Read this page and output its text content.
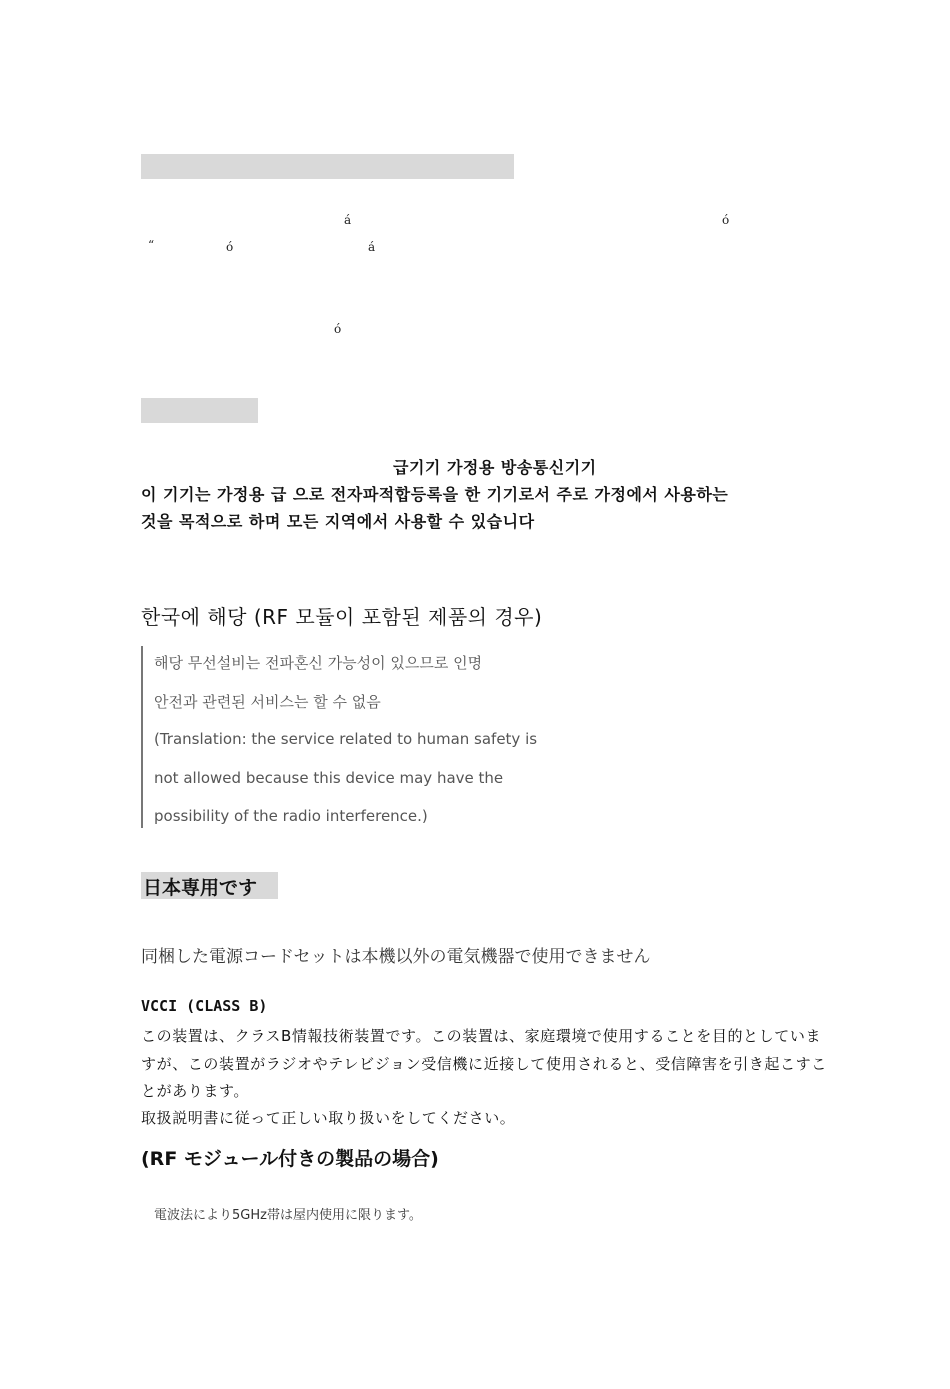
á	ó
“	ó	á
ó
급기기 가정용 방송통신기기
이 기기는 가정용 급 으로 전자파적합등록을 한 기기로서 주로 가정에서 사용하는
것을 목적으로 하며 모든 지역에서 사용할 수 있습니다
한국에 해당 (RF 모듈이 포함된 제품의 경우)
해당 무선설비는 전파혼신 가능성이 있으므로 인명
안전과 관련된 서비스는 할 수 없음
(Translation: the service related to human safety is
not allowed because this device may have the
possibility of the radio interference.)
日本専用です
同梱した電源コードセットは本機以外の電気機器で使用できません
VCCI (CLASS B)
この装置は、クラスB情報技術装置です。この装置は、家庭環境で使用することを目的としていま
すが、この装置がラジオやテレビジョン受信機に近接して使用されると、受信障害を引き起こすこ
とがあります。
取扱説明書に従って正しい取り扱いをしてください。
(RF モジュール付きの製品の場合)
電波法により5GHz帯は屋内使用に限ります。
